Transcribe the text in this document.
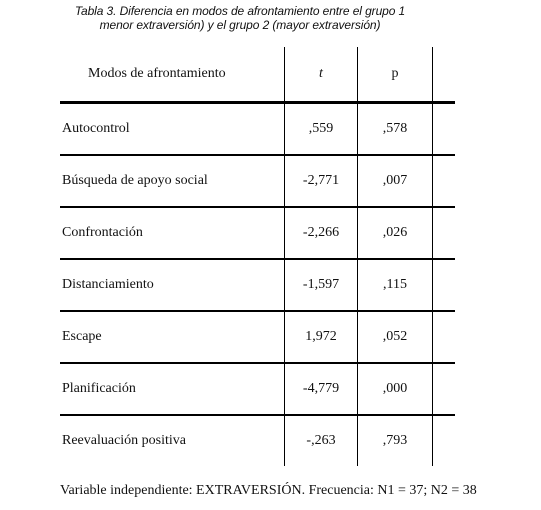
Tabla 3. Diferencia en modos de afrontamiento entre el grupo 1
menor extraversión) y el grupo 2 (mayor extraversión)
Modos de afrontamiento	t	p	
Autocontrol	,559	,578	
Búsqueda de apoyo social	-2,771	,007	
Confrontación	-2,266	,026	
Distanciamiento	-1,597	,115	
Escape	1,972	,052	
Planificación	-4,779	,000	
Reevaluación positiva	-,263	,793	
Variable independiente: EXTRAVERSIÓN. Frecuencia: N1 = 37; N2 = 38
